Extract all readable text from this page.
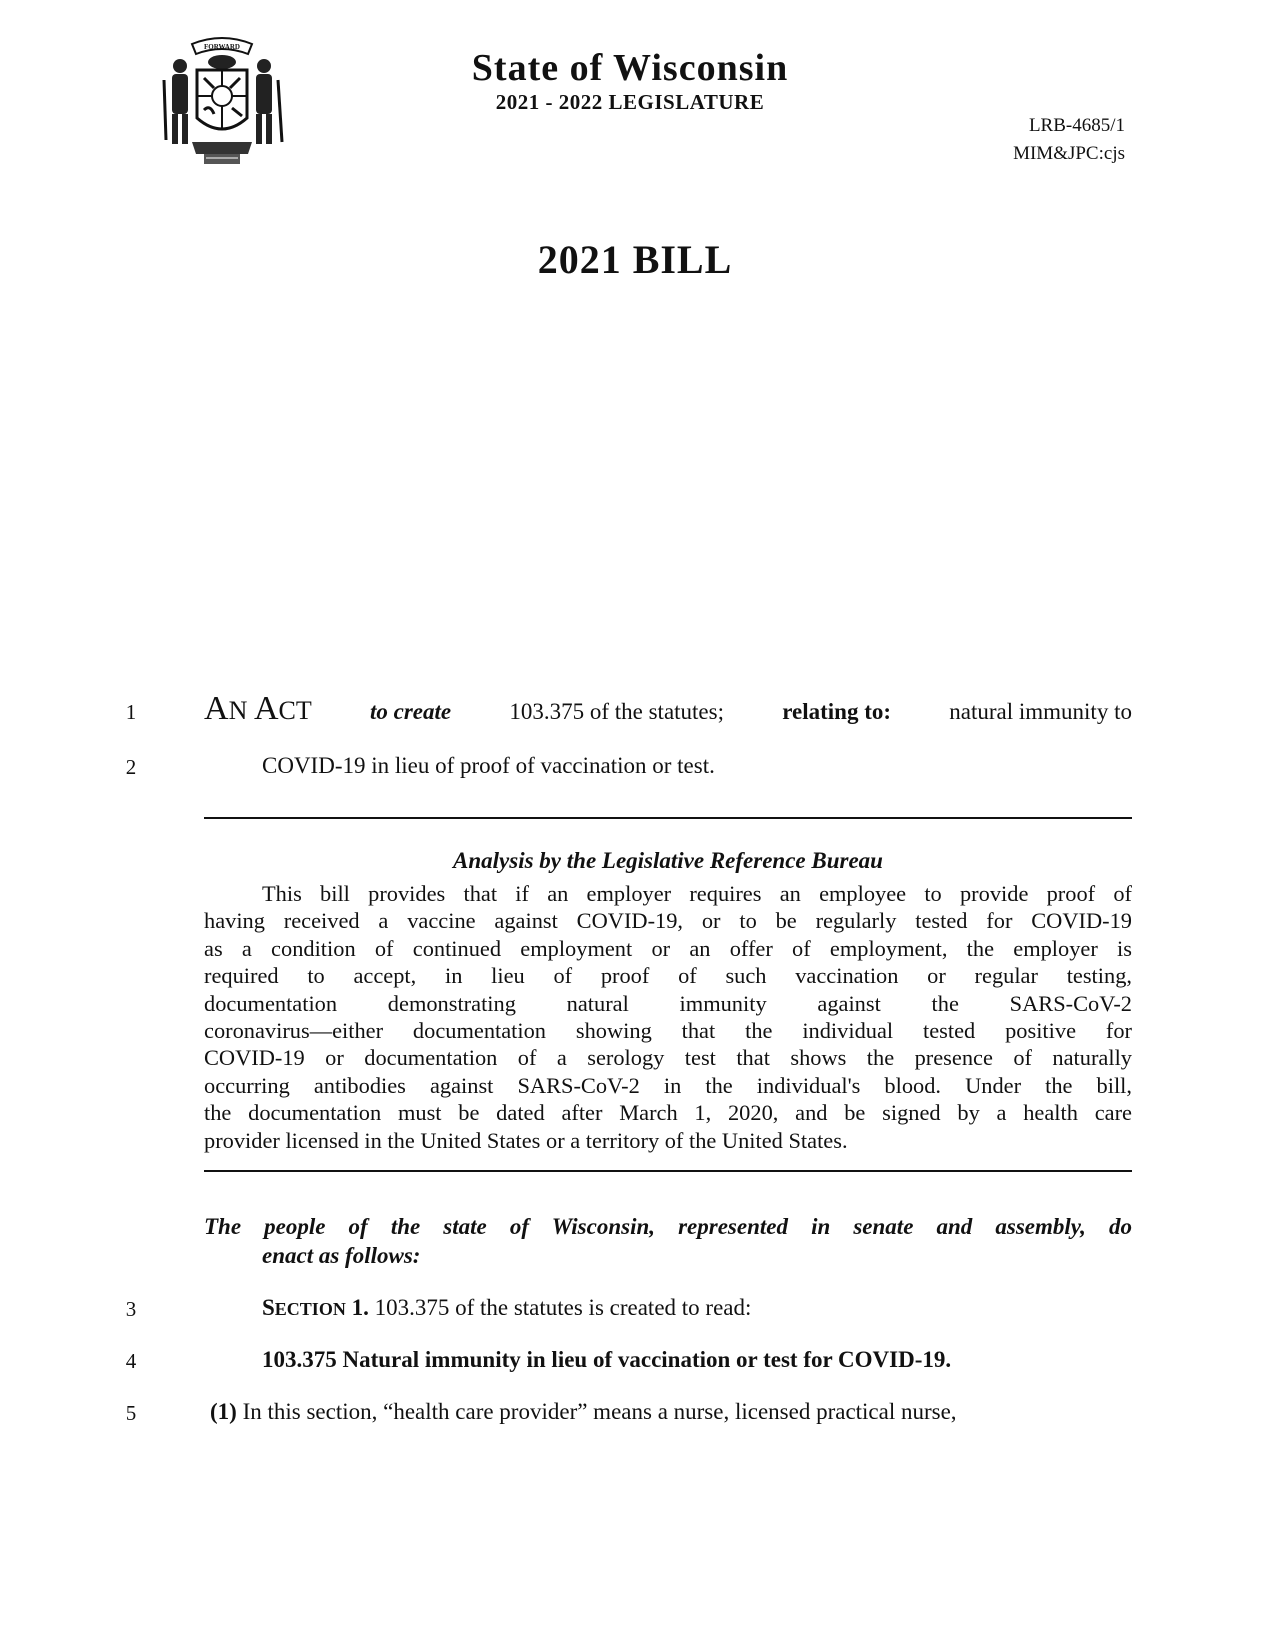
FORWARD	State of Wisconsin
2021 - 2022 LEGISLATURE
LRB-4685/1
MIM&JPC:cjs
2021 BILL
1 AN ACT	to create	103.375 of the statutes;	relating to:	natural immunity to
2	COVID-19 in lieu of proof of vaccination or test.
Analysis by the Legislative Reference Bureau
This bill provides that if an employer requires an employee to provide proof of
having received a vaccine against COVID-19, or to be regularly tested for COVID-19
as a condition of continued employment or an offer of employment, the employer is
required to accept, in lieu of proof of such vaccination or regular testing,
documentation demonstrating natural immunity against the SARS-CoV-2
coronavirus—either documentation showing that the individual tested positive for
COVID-19 or documentation of a serology test that shows the presence of naturally
occurring antibodies against SARS-CoV-2 in the individual's blood. Under the bill,
the documentation must be dated after March 1, 2020, and be signed by a health care
provider licensed in the United States or a territory of the United States.
The people of the state of Wisconsin, represented in senate and assembly, do
enact as follows:
3	SECTION 1. 103.375 of the statutes is created to read:
4	103.375 Natural immunity in lieu of vaccination or test for COVID-19.
5	(1) In this section, “health care provider” means a nurse, licensed practical nurse,
